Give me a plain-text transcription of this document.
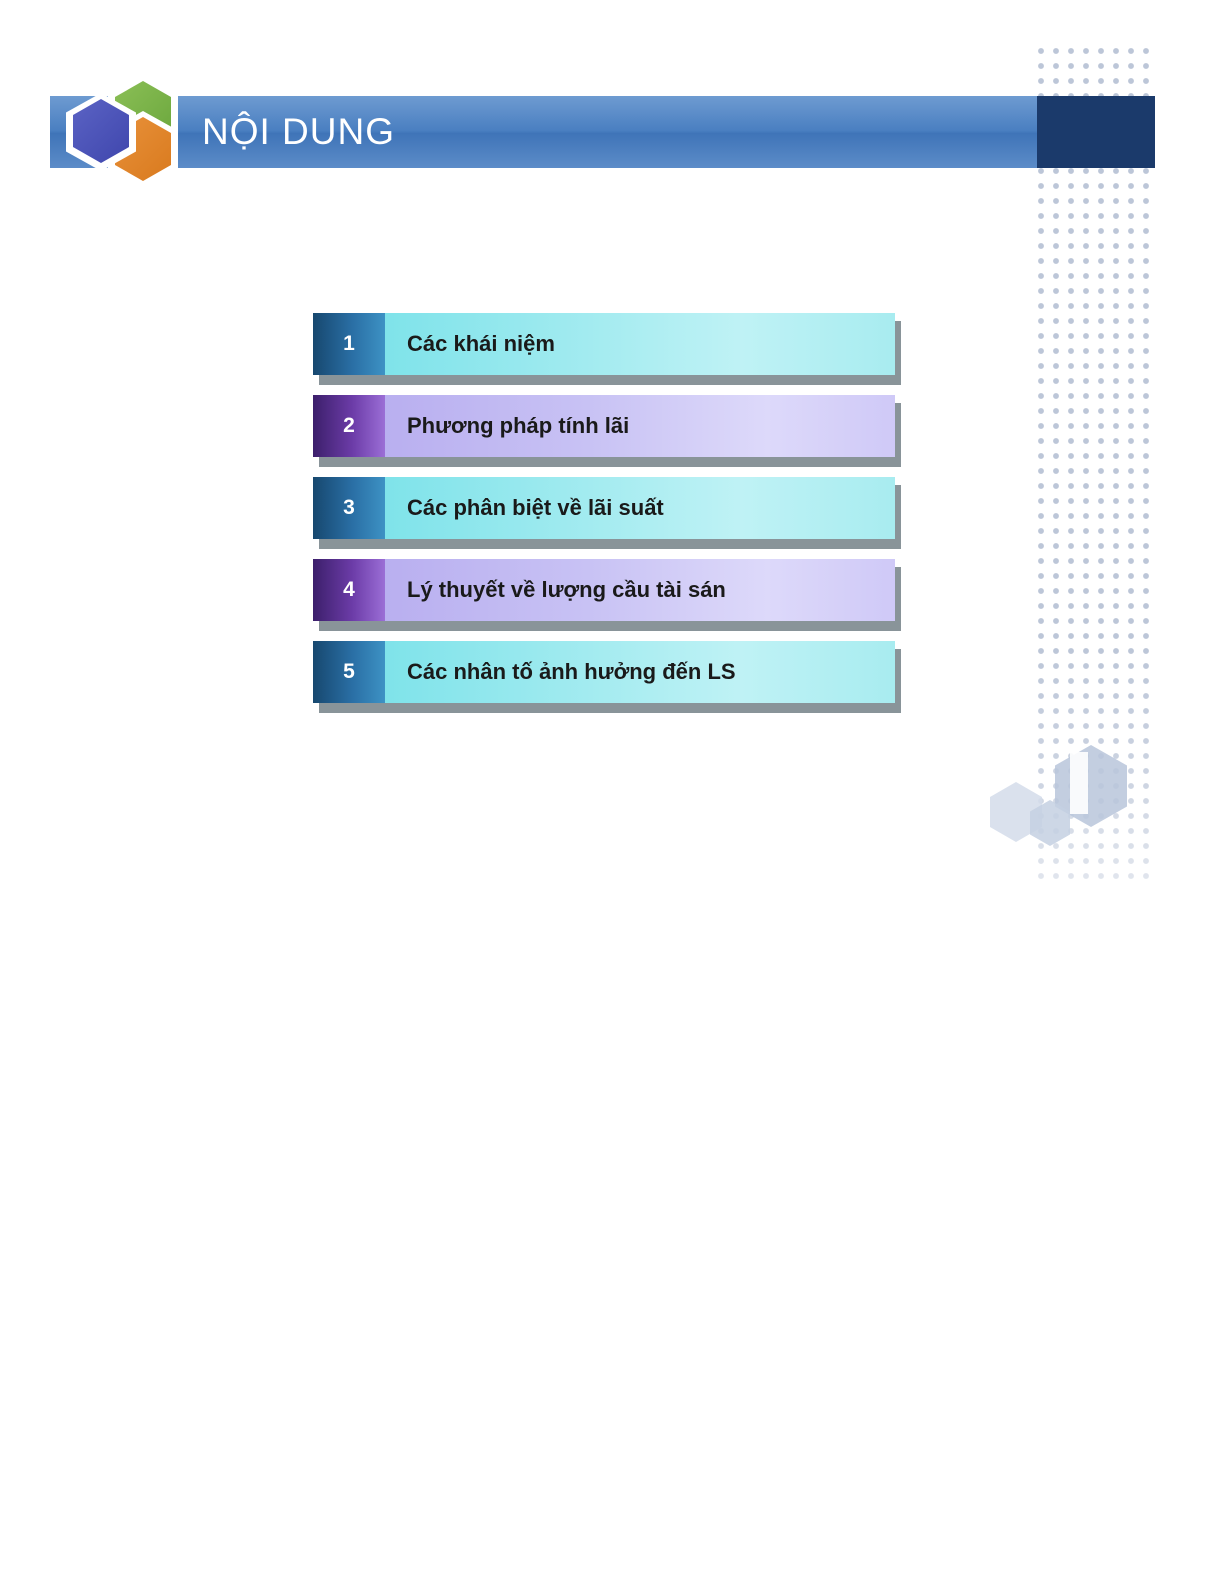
NỘI DUNG
1	Các khái niệm
2	Phương pháp tính lãi
3	Các phân biệt về lãi suất
4	Lý thuyết về lượng cầu tài sán
5	Các nhân tố ảnh hưởng đến LS
